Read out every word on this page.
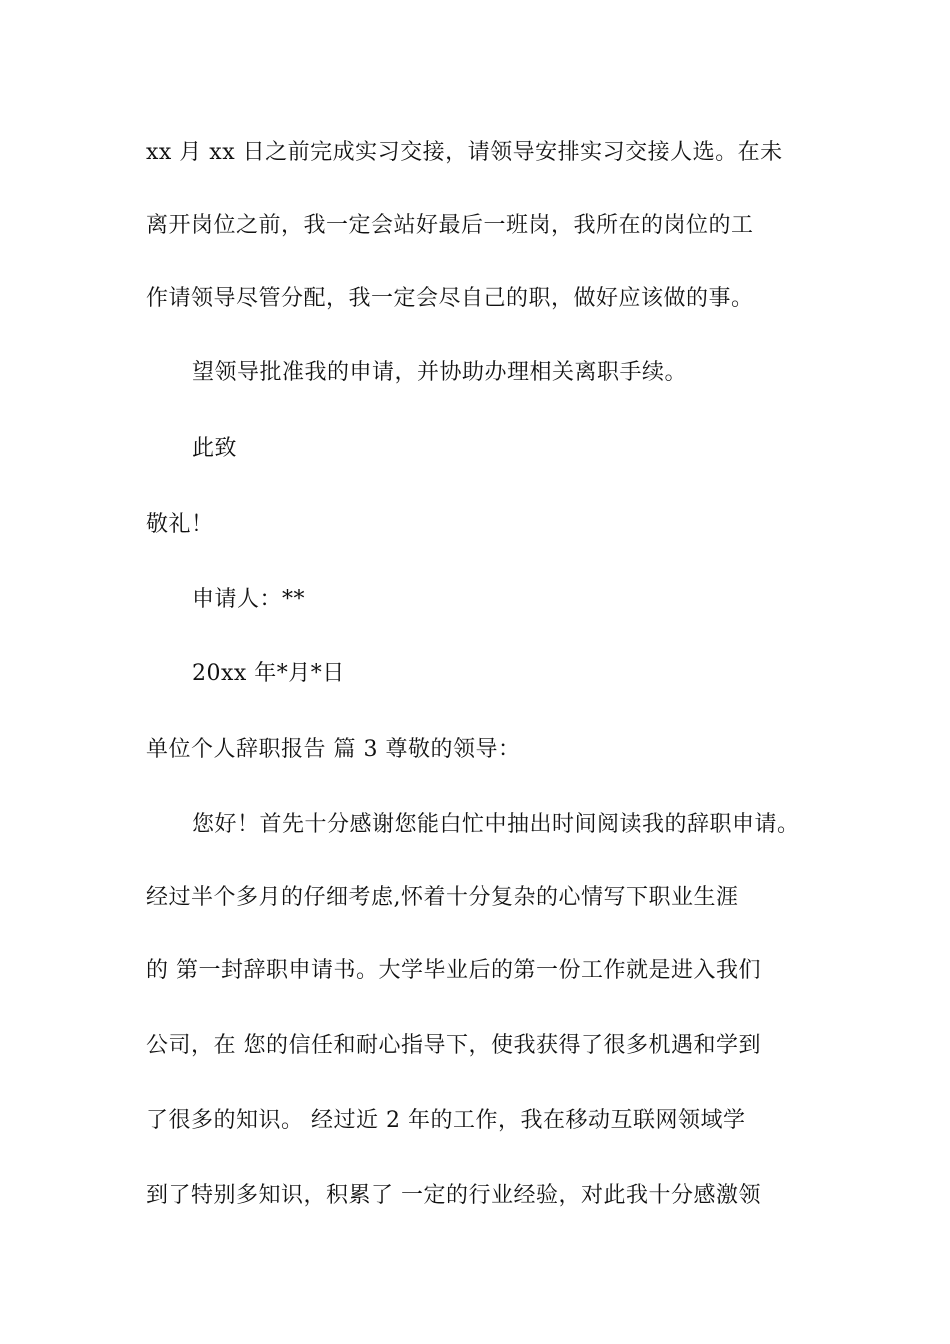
xx 月 xx 日之前完成实习交接，请领导安排实习交接人选。在未
离开岗位之前，我一定会站好最后一班岗，我所在的岗位的工
作请领导尽管分配，我一定会尽自己的职，做好应该做的事。
望领导批准我的申请，并协助办理相关离职手续。
此致
敬礼！
申请人：**
20xx 年*月*日
单位个人辞职报告 篇 3 尊敬的领导：
您好！首先十分感谢您能白忙中抽出时间阅读我的辞职申请。
经过半个多月的仔细考虑,怀着十分复杂的心情写下职业生涯
的 第一封辞职申请书。大学毕业后的第一份工作就是进入我们
公司，在 您的信任和耐心指导下，使我获得了很多机遇和学到
了很多的知识。 经过近 2 年的工作，我在移动互联网领域学
到了特别多知识，积累了 一定的行业经验，对此我十分感激领
